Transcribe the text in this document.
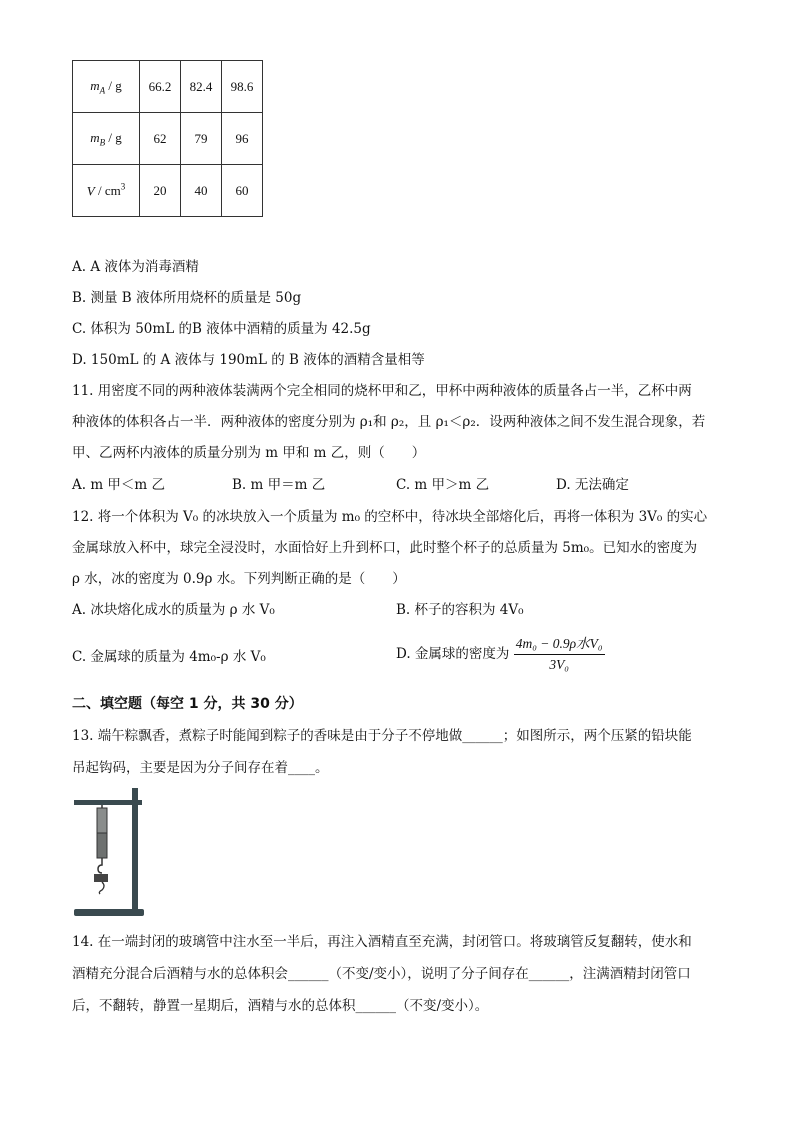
$m_A$ / g	66.2	82.4	98.6
$m_B$ / g	62	79	96
V / $cm^3$	20	40	60
A. A 液体为消毒酒精
B. 测量 B 液体所用烧杯的质量是 50g
C. 体积为 50mL 的B 液体中酒精的质量为 42.5g
D. 150mL 的 A 液体与 190mL 的 B 液体的酒精含量相等
11. 用密度不同的两种液体装满两个完全相同的烧杯甲和乙，甲杯中两种液体的质量各占一半，乙杯中两
种液体的体积各占一半．两种液体的密度分别为 ρ₁和 ρ₂，且 ρ₁＜ρ₂．设两种液体之间不发生混合现象，若
甲、乙两杯内液体的质量分别为 m 甲和 m 乙，则（　　）
A. m 甲＜m 乙	B. m 甲＝m 乙	C. m 甲＞m 乙	D. 无法确定
12. 将一个体积为 V₀ 的冰块放入一个质量为 m₀ 的空杯中，待冰块全部熔化后，再将一体积为 3V₀ 的实心
金属球放入杯中，球完全浸没时，水面恰好上升到杯口，此时整个杯子的总质量为 5m₀。已知水的密度为
ρ 水，冰的密度为 0.9ρ 水。下列判断正确的是（　　）
A. 冰块熔化成水的质量为 ρ 水 V₀	B. 杯子的容积为 4V₀
C. 金属球的质量为 4m₀-ρ 水 V₀	D. 金属球的密度为 $\frac{\text{4m₀ − 0.9ρ水V₀}}{\text{3V₀}}$
二、填空题（每空 1 分，共 30 分）
13. 端午粽飘香，煮粽子时能闻到粽子的香味是由于分子不停地做______；如图所示，两个压紧的铅块能
吊起钩码，主要是因为分子间存在着____。
14. 在一端封闭的玻璃管中注水至一半后，再注入酒精直至充满，封闭管口。将玻璃管反复翻转，使水和
酒精充分混合后酒精与水的总体积会______（不变/变小），说明了分子间存在______，注满酒精封闭管口
后，不翻转，静置一星期后，酒精与水的总体积______（不变/变小）。
